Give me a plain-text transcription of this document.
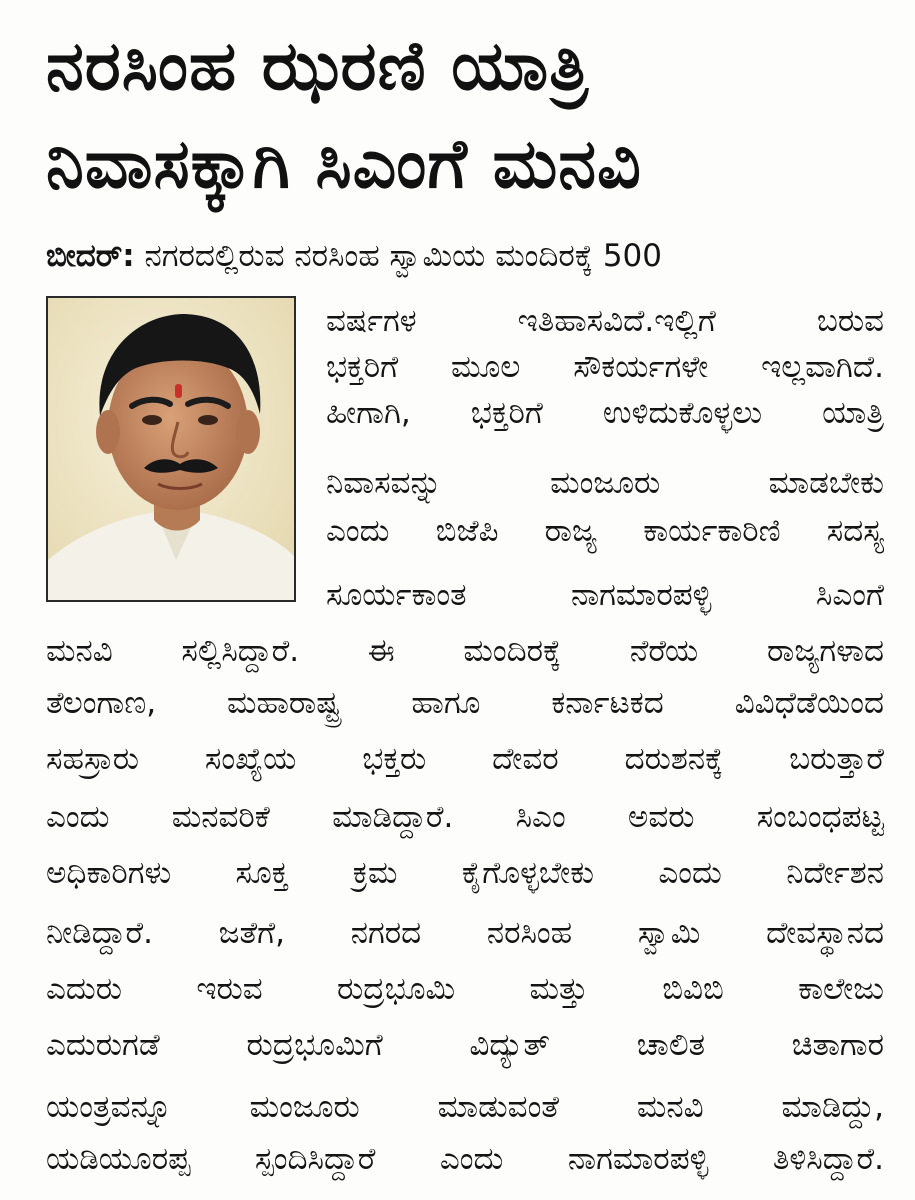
ನರಸಿಂಹ ಝರಣಿ ಯಾತ್ರಿ
ನಿವಾಸಕ್ಕಾಗಿ ಸಿಎಂಗೆ ಮನವಿ
ಬೀದರ್: ನಗರದಲ್ಲಿರುವ ನರಸಿಂಹ ಸ್ವಾಮಿಯ ಮಂದಿರಕ್ಕೆ 500
ವರ್ಷಗಳ ಇತಿಹಾಸವಿದೆ.ಇಲ್ಲಿಗೆ ಬರುವ
ಭಕ್ತರಿಗೆ ಮೂಲ ಸೌಕರ್ಯಗಳೇ ಇಲ್ಲವಾಗಿದೆ.
ಹೀಗಾಗಿ, ಭಕ್ತರಿಗೆ ಉಳಿದುಕೊಳ್ಳಲು ಯಾತ್ರಿ
ನಿವಾಸವನ್ನು ಮಂಜೂರು ಮಾಡಬೇಕು
ಎಂದು ಬಿಜೆಪಿ ರಾಜ್ಯ ಕಾರ್ಯಕಾರಿಣಿ ಸದಸ್ಯ
ಸೂರ್ಯಕಾಂತ ನಾಗಮಾರಪಳ್ಳಿ ಸಿಎಂಗೆ
ಮನವಿ ಸಲ್ಲಿಸಿದ್ದಾರೆ. ಈ ಮಂದಿರಕ್ಕೆ ನೆರೆಯ ರಾಜ್ಯಗಳಾದ
ತೆಲಂಗಾಣ, ಮಹಾರಾಷ್ಟ್ರ ಹಾಗೂ ಕರ್ನಾಟಕದ ವಿವಿಧೆಡೆಯಿಂದ
ಸಹಸ್ರಾರು ಸಂಖ್ಯೆಯ ಭಕ್ತರು ದೇವರ ದರುಶನಕ್ಕೆ ಬರುತ್ತಾರೆ
ಎಂದು ಮನವರಿಕೆ ಮಾಡಿದ್ದಾರೆ. ಸಿಎಂ ಅವರು ಸಂಬಂಧಪಟ್ಟ
ಅಧಿಕಾರಿಗಳು ಸೂಕ್ತ ಕ್ರಮ ಕೈಗೊಳ್ಳಬೇಕು ಎಂದು ನಿರ್ದೇಶನ
ನೀಡಿದ್ದಾರೆ. ಜತೆಗೆ, ನಗರದ ನರಸಿಂಹ ಸ್ವಾಮಿ ದೇವಸ್ಥಾನದ
ಎದುರು ಇರುವ ರುದ್ರಭೂಮಿ ಮತ್ತು ಬಿವಿಬಿ ಕಾಲೇಜು
ಎದುರುಗಡೆ ರುದ್ರಭೂಮಿಗೆ ವಿದ್ಯುತ್ ಚಾಲಿತ ಚಿತಾಗಾರ
ಯಂತ್ರವನ್ನೂ ಮಂಜೂರು ಮಾಡುವಂತೆ ಮನವಿ ಮಾಡಿದ್ದು,
ಯಡಿಯೂರಪ್ಪ ಸ್ಪಂದಿಸಿದ್ದಾರೆ ಎಂದು ನಾಗಮಾರಪಳ್ಳಿ ತಿಳಿಸಿದ್ದಾರೆ.
